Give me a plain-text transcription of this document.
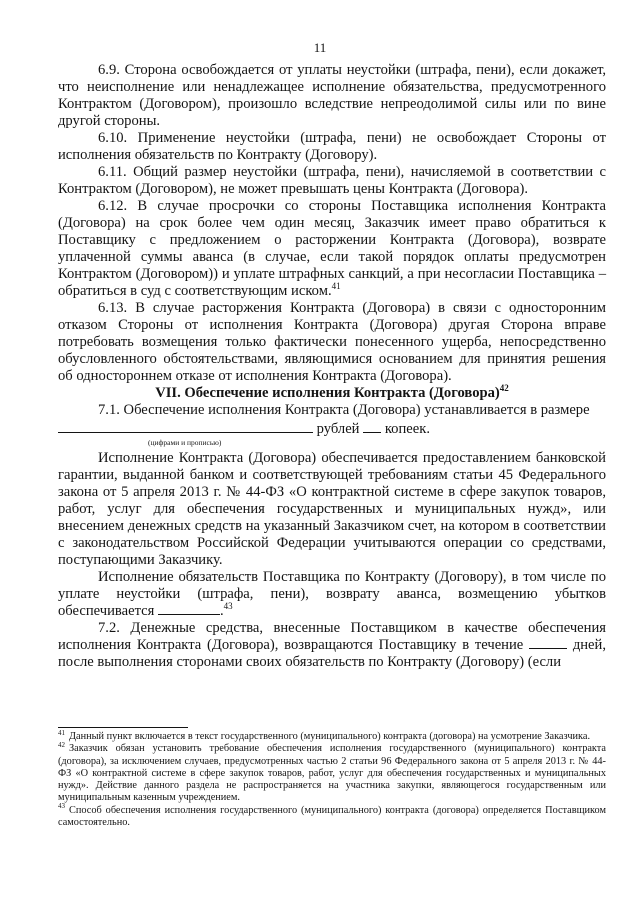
11

6.9. Сторона освобождается от уплаты неустойки (штрафа, пени), если докажет, что неисполнение или ненадлежащее исполнение обязательства, предусмотренного Контрактом (Договором), произошло вследствие непреодолимой силы или по вине другой стороны.

6.10. Применение неустойки (штрафа, пени) не освобождает Стороны от исполнения обязательств по Контракту (Договору).

6.11. Общий размер неустойки (штрафа, пени), начисляемой в соответствии с Контрактом (Договором), не может превышать цены Контракта (Договора).

6.12. В случае просрочки со стороны Поставщика исполнения Контракта (Договора) на срок более чем один месяц, Заказчик имеет право обратиться к Поставщику с предложением о расторжении Контракта (Договора), возврате уплаченной суммы аванса (в случае, если такой порядок оплаты предусмотрен Контрактом (Договором)) и уплате штрафных санкций, а при несогласии Поставщика – обратиться в суд с соответствующим иском.$^{41}$

6.13. В случае расторжения Контракта (Договора) в связи с односторонним отказом Стороны от исполнения Контракта (Договора) другая Сторона вправе потребовать возмещения только фактически понесенного ущерба, непосредственно обусловленного обстоятельствами, являющимися основанием для принятия решения об одностороннем отказе от исполнения Контракта (Договора).

VII. Обеспечение исполнения Контракта (Договора)$^{42}$

7.1. Обеспечение исполнения Контракта (Договора) устанавливается в размере

рублей копеек.
(цифрами и прописью)

Исполнение Контракта (Договора) обеспечивается предоставлением банковской гарантии, выданной банком и соответствующей требованиям статьи 45 Федерального закона от 5 апреля 2013 г. № 44-ФЗ «О контрактной системе в сфере закупок товаров, работ, услуг для обеспечения государственных и муниципальных нужд», или внесением денежных средств на указанный Заказчиком счет, на котором в соответствии с законодательством Российской Федерации учитываются операции со средствами, поступающими Заказчику.

Исполнение обязательств Поставщика по Контракту (Договору), в том числе по уплате неустойки (штрафа, пени), возврату аванса, возмещению убытков обеспечивается	.$^{43}$

7.2. Денежные средства, внесенные Поставщиком в качестве обеспечения исполнения Контракта (Договора), возвращаются Поставщику в течение	дней, после выполнения сторонами своих обязательств по Контракту (Договору) (если

$^{41}$ Данный пункт включается в текст государственного (муниципального) контракта (договора) на усмотрение Заказчика.

$^{42}$ Заказчик обязан установить требование обеспечения исполнения государственного (муниципального) контракта (договора), за исключением случаев, предусмотренных частью 2 статьи 96 Федерального закона от 5 апреля 2013 г. № 44-ФЗ «О контрактной системе в сфере закупок товаров, работ, услуг для обеспечения государственных и муниципальных нужд». Действие данного раздела не распространяется на участника закупки, являющегося государственным или муниципальным казенным учреждением.

$^{43}$ Способ обеспечения исполнения государственного (муниципального) контракта (договора) определяется Поставщиком самостоятельно.
